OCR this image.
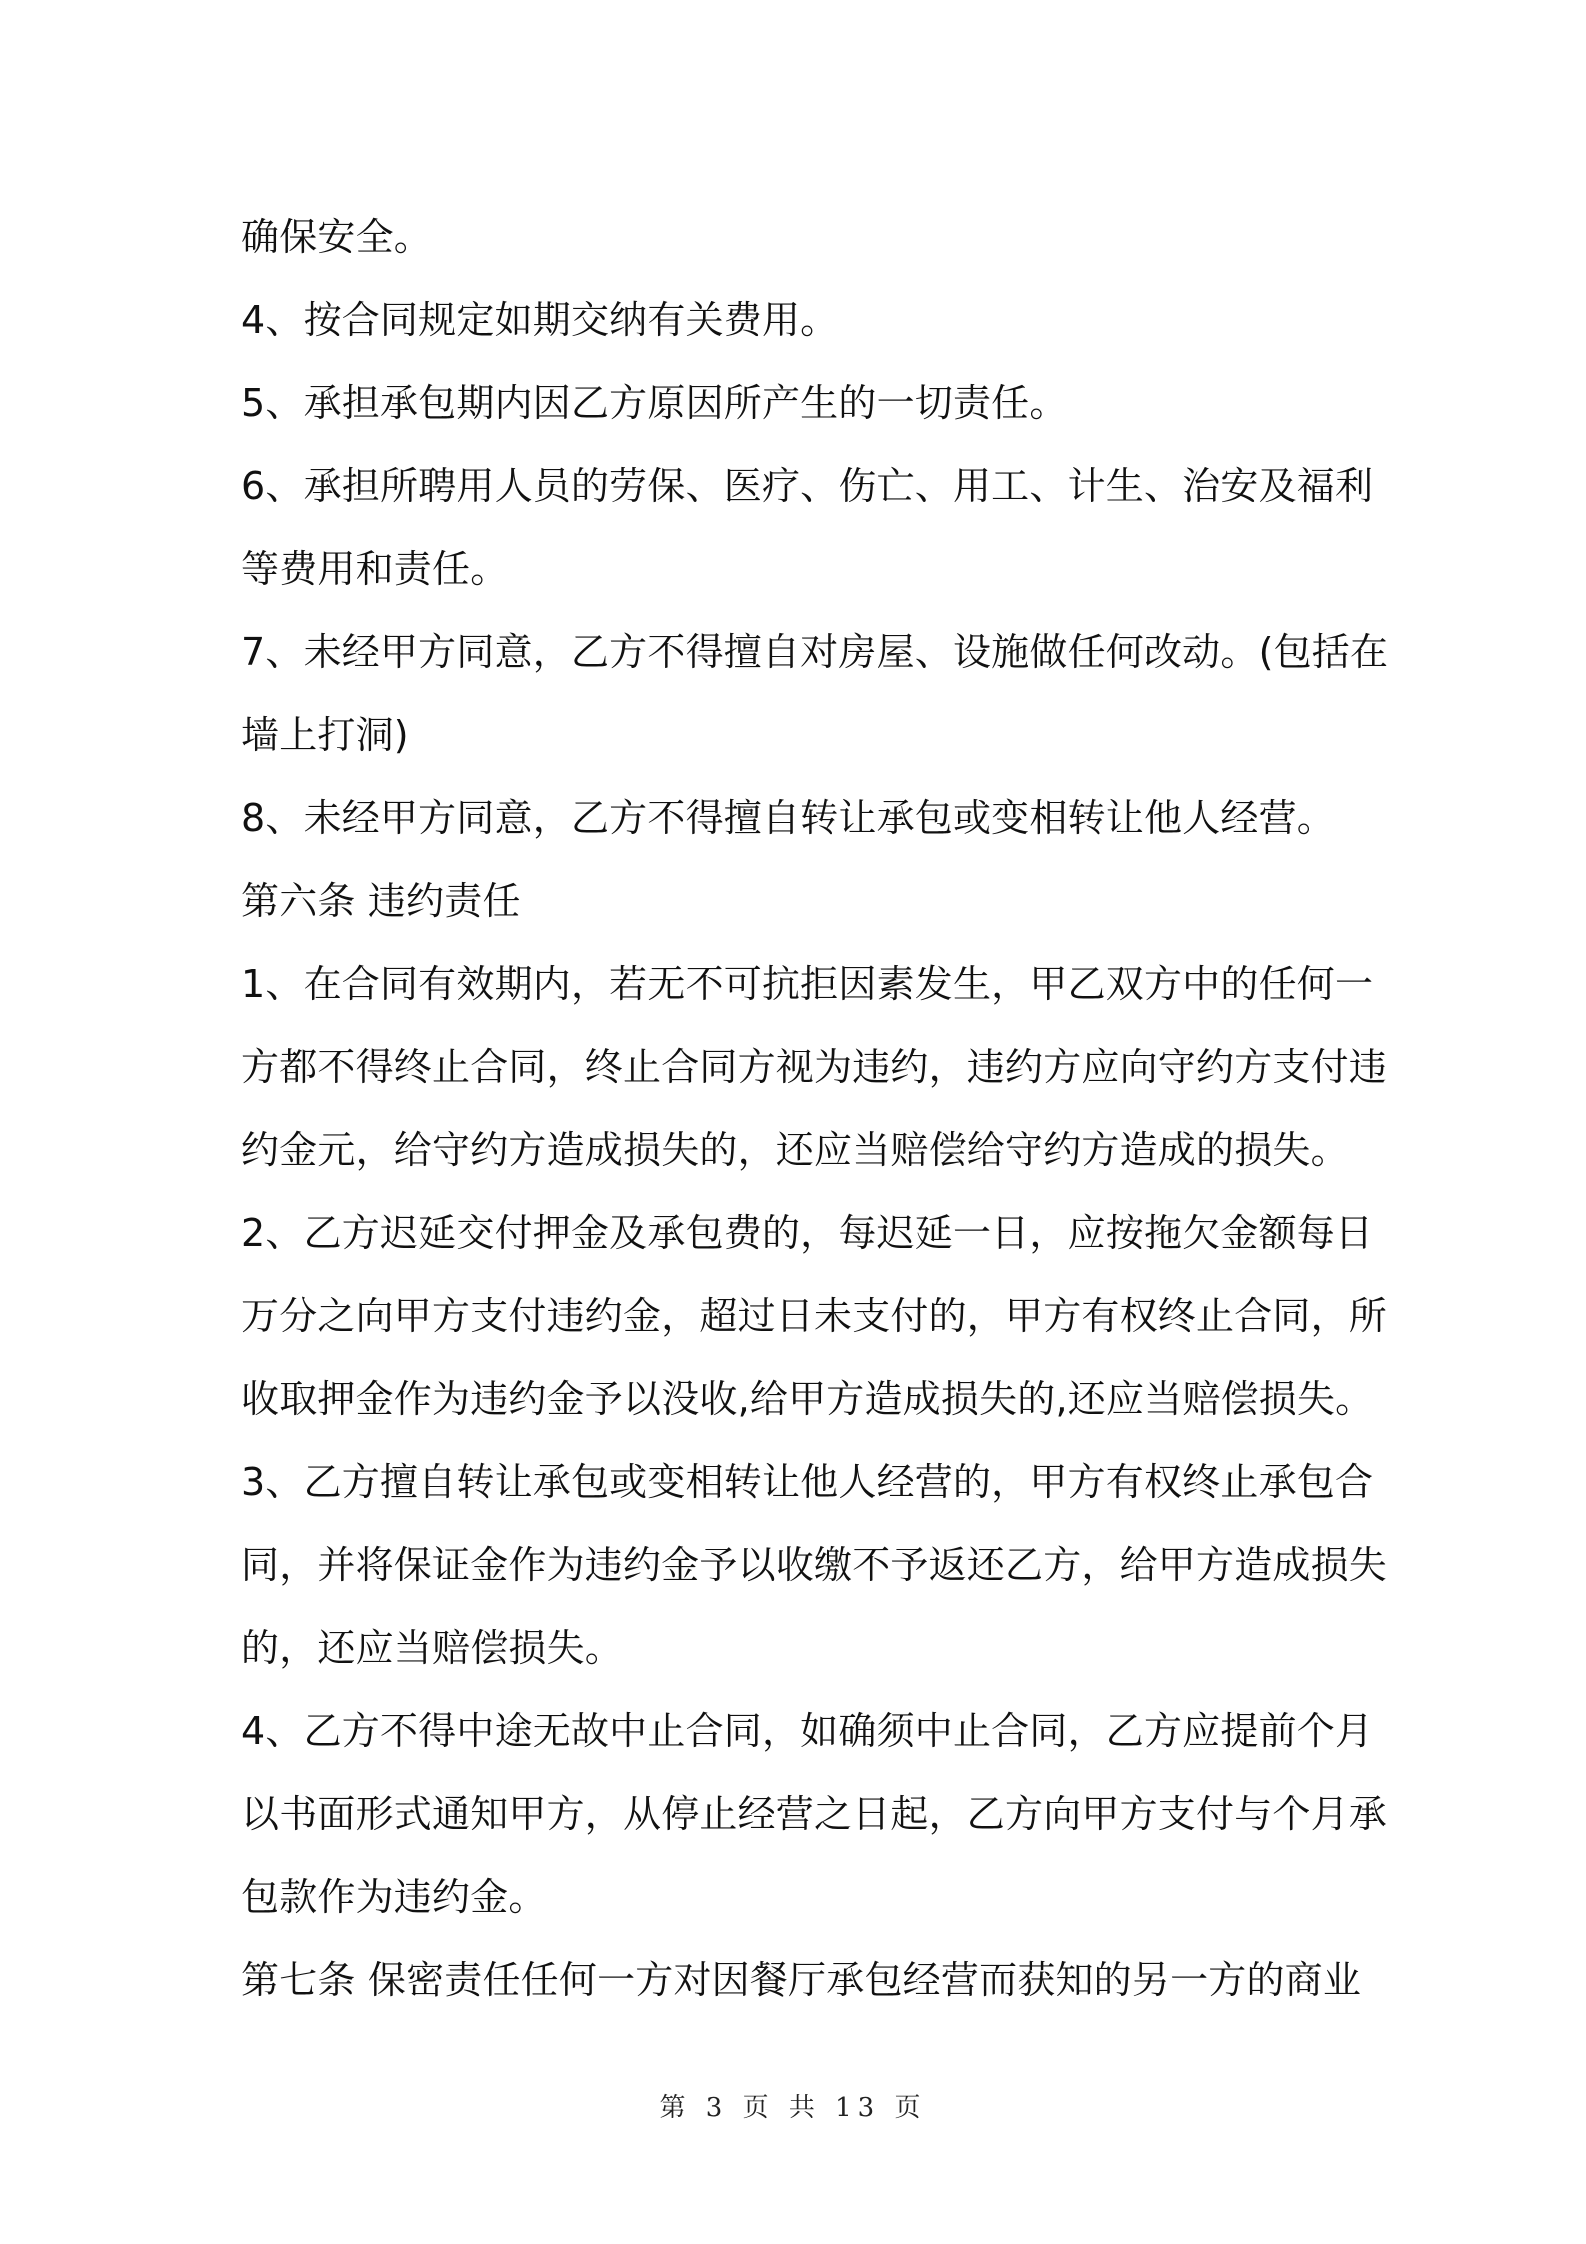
确保安全。
4、按合同规定如期交纳有关费用。
5、承担承包期内因乙方原因所产生的一切责任。
6、承担所聘用人员的劳保、医疗、伤亡、用工、计生、治安及福利
等费用和责任。
7、未经甲方同意，乙方不得擅自对房屋、设施做任何改动。(包括在
墙上打洞)
8、未经甲方同意，乙方不得擅自转让承包或变相转让他人经营。
第六条 违约责任
1、在合同有效期内，若无不可抗拒因素发生，甲乙双方中的任何一
方都不得终止合同，终止合同方视为违约，违约方应向守约方支付违
约金元，给守约方造成损失的，还应当赔偿给守约方造成的损失。
2、乙方迟延交付押金及承包费的，每迟延一日，应按拖欠金额每日
万分之向甲方支付违约金，超过日未支付的，甲方有权终止合同，所
收取押金作为违约金予以没收,给甲方造成损失的,还应当赔偿损失。
3、乙方擅自转让承包或变相转让他人经营的，甲方有权终止承包合
同，并将保证金作为违约金予以收缴不予返还乙方，给甲方造成损失
的，还应当赔偿损失。
4、乙方不得中途无故中止合同，如确须中止合同，乙方应提前个月
以书面形式通知甲方，从停止经营之日起，乙方向甲方支付与个月承
包款作为违约金。
第七条 保密责任任何一方对因餐厅承包经营而获知的另一方的商业
第 3 页 共 13 页
